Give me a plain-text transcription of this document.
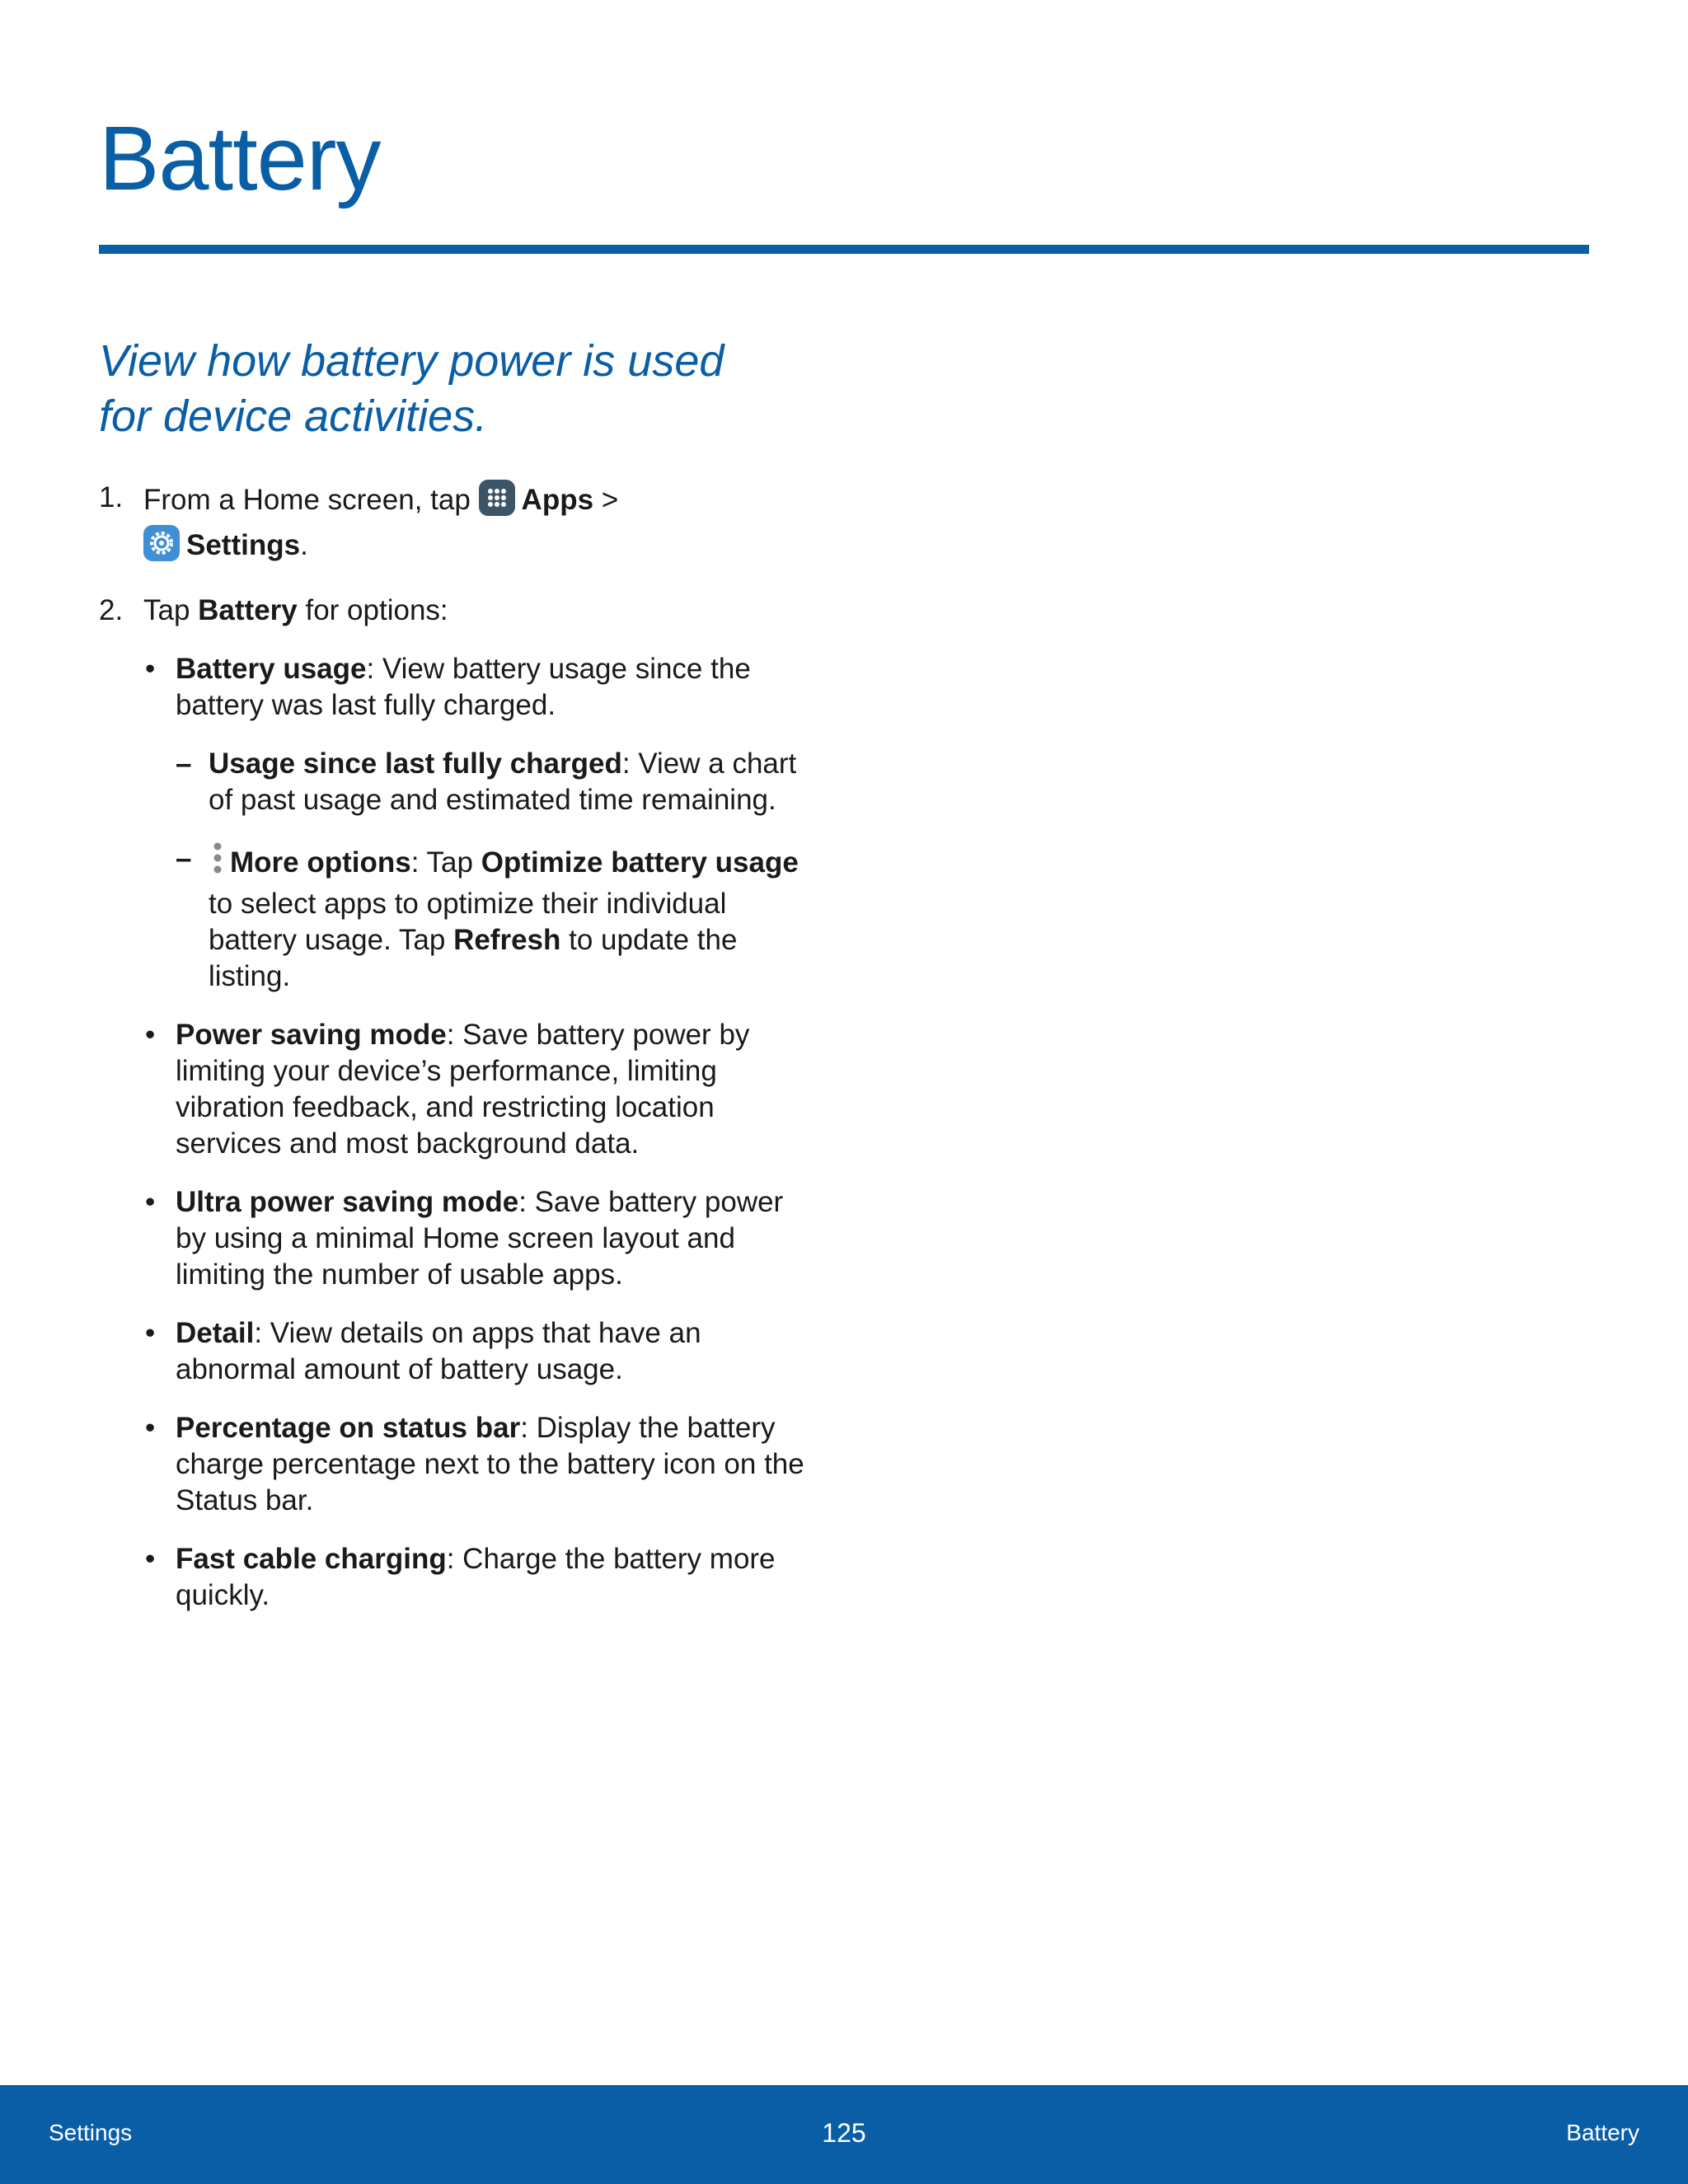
Battery
View how battery power is used
for device activities.
1. From a Home screen, tap Apps >
Settings.
2. Tap Battery for options:
• Battery usage: View battery usage since the battery was last fully charged.
– Usage since last fully charged: View a chart of past usage and estimated time remaining.
– More options: Tap Optimize battery usage to select apps to optimize their individual battery usage. Tap Refresh to update the listing.
• Power saving mode: Save battery power by limiting your device’s performance, limiting vibration feedback, and restricting location services and most background data.
• Ultra power saving mode: Save battery power by using a minimal Home screen layout and limiting the number of usable apps.
• Detail: View details on apps that have an abnormal amount of battery usage.
• Percentage on status bar: Display the battery charge percentage next to the battery icon on the Status bar.
• Fast cable charging: Charge the battery more quickly.
Settings	125	Battery
